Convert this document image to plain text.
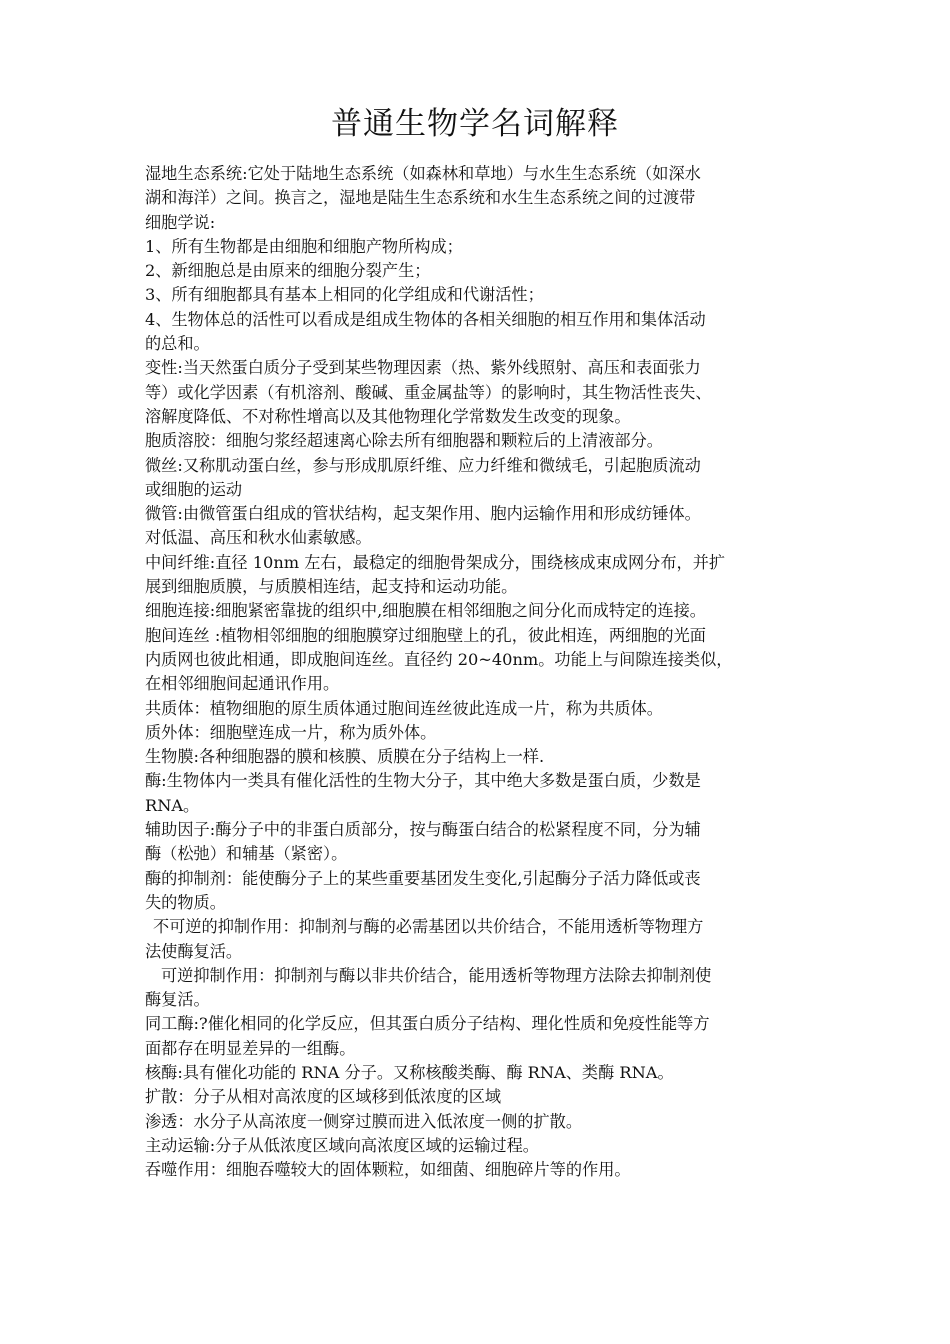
普通生物学名词解释
湿地生态系统:它处于陆地生态系统（如森林和草地）与水生生态系统（如深水
湖和海洋）之间。换言之，湿地是陆生生态系统和水生生态系统之间的过渡带
细胞学说:
1、所有生物都是由细胞和细胞产物所构成；
2、新细胞总是由原来的细胞分裂产生；
3、所有细胞都具有基本上相同的化学组成和代谢活性；
4、生物体总的活性可以看成是组成生物体的各相关细胞的相互作用和集体活动
的总和。
变性:当天然蛋白质分子受到某些物理因素（热、紫外线照射、高压和表面张力
等）或化学因素（有机溶剂、酸碱、重金属盐等）的影响时，其生物活性丧失、
溶解度降低、不对称性增高以及其他物理化学常数发生改变的现象。
胞质溶胶：细胞匀浆经超速离心除去所有细胞器和颗粒后的上清液部分。
微丝:又称肌动蛋白丝，参与形成肌原纤维、应力纤维和微绒毛，引起胞质流动
或细胞的运动
微管:由微管蛋白组成的管状结构，起支架作用、胞内运输作用和形成纺锤体。
对低温、高压和秋水仙素敏感。
中间纤维:直径 10nm 左右，最稳定的细胞骨架成分，围绕核成束成网分布，并扩
展到细胞质膜，与质膜相连结，起支持和运动功能。
细胞连接:细胞紧密靠拢的组织中,细胞膜在相邻细胞之间分化而成特定的连接。
胞间连丝 :植物相邻细胞的细胞膜穿过细胞壁上的孔，彼此相连，两细胞的光面
内质网也彼此相通，即成胞间连丝。直径约 20~40nm。功能上与间隙连接类似，
在相邻细胞间起通讯作用。
共质体：植物细胞的原生质体通过胞间连丝彼此连成一片，称为共质体。
质外体：细胞壁连成一片，称为质外体。
生物膜:各种细胞器的膜和核膜、质膜在分子结构上一样.
酶:生物体内一类具有催化活性的生物大分子，其中绝大多数是蛋白质，少数是
RNA。
辅助因子:酶分子中的非蛋白质部分，按与酶蛋白结合的松紧程度不同，分为辅
酶（松弛）和辅基（紧密）。
酶的抑制剂：能使酶分子上的某些重要基团发生变化,引起酶分子活力降低或丧
失的物质。
不可逆的抑制作用：抑制剂与酶的必需基团以共价结合，不能用透析等物理方
法使酶复活。
可逆抑制作用：抑制剂与酶以非共价结合，能用透析等物理方法除去抑制剂使
酶复活。
同工酶:?催化相同的化学反应，但其蛋白质分子结构、理化性质和免疫性能等方
面都存在明显差异的一组酶。
核酶:具有催化功能的 RNA 分子。又称核酸类酶、酶 RNA、类酶 RNA。
扩散：分子从相对高浓度的区域移到低浓度的区域
渗透：水分子从高浓度一侧穿过膜而进入低浓度一侧的扩散。
主动运输:分子从低浓度区域向高浓度区域的运输过程。
吞噬作用：细胞吞噬较大的固体颗粒，如细菌、细胞碎片等的作用。
